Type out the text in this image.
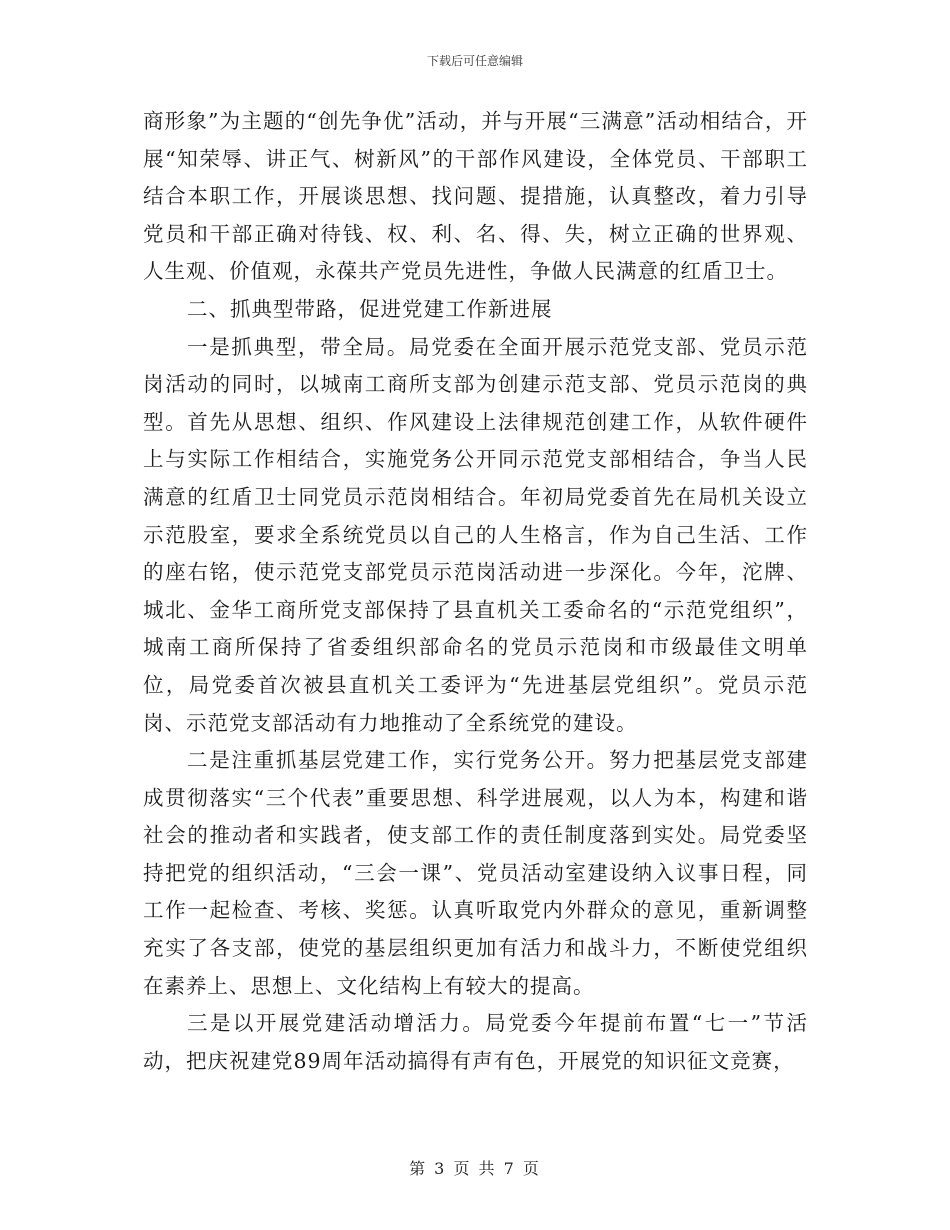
下载后可任意编辑

商形象”为主题的“创先争优”活动，并与开展“三满意”活动相结合，开展“知荣辱、讲正气、树新风”的干部作风建设，全体党员、干部职工结合本职工作，开展谈思想、找问题、提措施，认真整改，着力引导党员和干部正确对待钱、权、利、名、得、失，树立正确的世界观、人生观、价值观，永葆共产党员先进性，争做人民满意的红盾卫士。

二、抓典型带路，促进党建工作新进展

一是抓典型，带全局。局党委在全面开展示范党支部、党员示范岗活动的同时，以城南工商所支部为创建示范支部、党员示范岗的典型。首先从思想、组织、作风建设上法律规范创建工作，从软件硬件上与实际工作相结合，实施党务公开同示范党支部相结合，争当人民满意的红盾卫士同党员示范岗相结合。年初局党委首先在局机关设立示范股室，要求全系统党员以自己的人生格言，作为自己生活、工作的座右铭，使示范党支部党员示范岗活动进一步深化。今年，沱牌、城北、金华工商所党支部保持了县直机关工委命名的“示范党组织”，城南工商所保持了省委组织部命名的党员示范岗和市级最佳文明单位，局党委首次被县直机关工委评为“先进基层党组织”。党员示范岗、示范党支部活动有力地推动了全系统党的建设。

二是注重抓基层党建工作，实行党务公开。努力把基层党支部建成贯彻落实“三个代表”重要思想、科学进展观，以人为本，构建和谐社会的推动者和实践者，使支部工作的责任制度落到实处。局党委坚持把党的组织活动，“三会一课”、党员活动室建设纳入议事日程，同工作一起检查、考核、奖惩。认真听取党内外群众的意见，重新调整充实了各支部，使党的基层组织更加有活力和战斗力，不断使党组织在素养上、思想上、文化结构上有较大的提高。

三是以开展党建活动增活力。局党委今年提前布置“七一”节活动，把庆祝建党89周年活动搞得有声有色，开展党的知识征文竞赛，

第 3 页 共 7 页
